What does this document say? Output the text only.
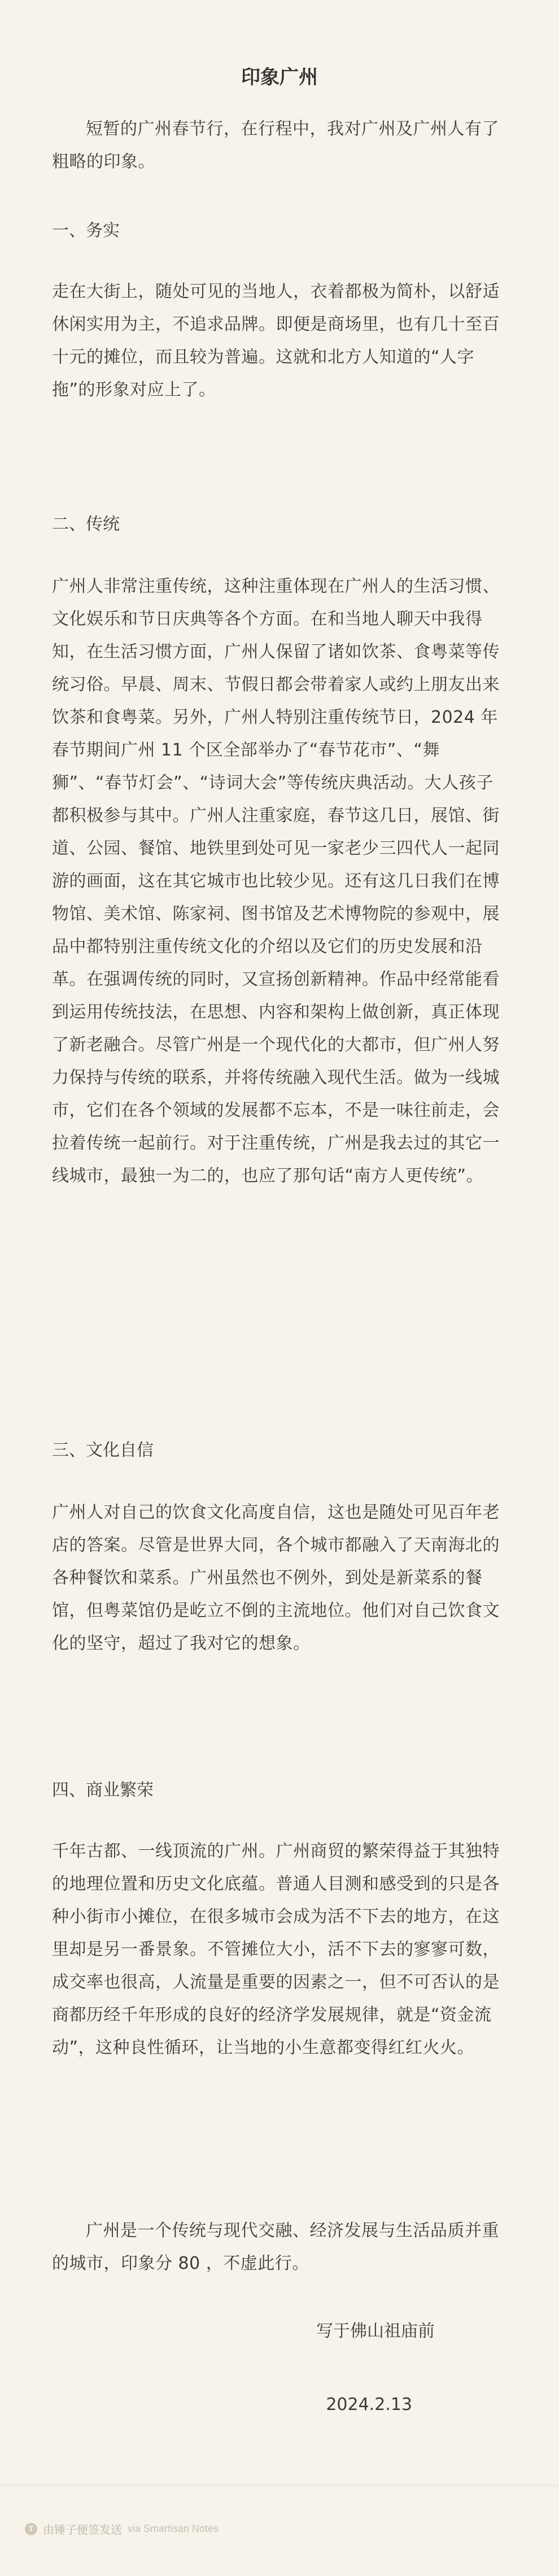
印象广州
短暂的广州春节行，在行程中，我对广州及广州人有了粗略的印象。
一、务实
走在大街上，随处可见的当地人，衣着都极为简朴，以舒适休闲实用为主，不追求品牌。即便是商场里，也有几十至百十元的摊位，而且较为普遍。这就和北方人知道的“人字拖”的形象对应上了。
二、传统
广州人非常注重传统，这种注重体现在广州人的生活习惯、文化娱乐和节日庆典等各个方面。在和当地人聊天中我得知，在生活习惯方面，广州人保留了诸如饮茶、食粤菜等传统习俗。早晨、周末、节假日都会带着家人或约上朋友出来饮茶和食粤菜。另外，广州人特别注重传统节日，2024 年春节期间广州 11 个区全部举办了“春节花市”、“舞狮”、“春节灯会”、“诗词大会”等传统庆典活动。大人孩子都积极参与其中。广州人注重家庭，春节这几日，展馆、街道、公园、餐馆、地铁里到处可见一家老少三四代人一起同游的画面，这在其它城市也比较少见。还有这几日我们在博物馆、美术馆、陈家祠、图书馆及艺术博物院的参观中，展品中都特别注重传统文化的介绍以及它们的历史发展和沿革。在强调传统的同时，又宣扬创新精神。作品中经常能看到运用传统技法，在思想、内容和架构上做创新，真正体现了新老融合。尽管广州是一个现代化的大都市，但广州人努力保持与传统的联系，并将传统融入现代生活。做为一线城市，它们在各个领域的发展都不忘本，不是一味往前走，会拉着传统一起前行。对于注重传统，广州是我去过的其它一线城市，最独一为二的，也应了那句话“南方人更传统”。
三、文化自信
广州人对自己的饮食文化高度自信，这也是随处可见百年老店的答案。尽管是世界大同，各个城市都融入了天南海北的各种餐饮和菜系。广州虽然也不例外，到处是新菜系的餐馆，但粤菜馆仍是屹立不倒的主流地位。他们对自己饮食文化的坚守，超过了我对它的想象。
四、商业繁荣
千年古都、一线顶流的广州。广州商贸的繁荣得益于其独特的地理位置和历史文化底蕴。普通人目测和感受到的只是各种小街市小摊位，在很多城市会成为活不下去的地方，在这里却是另一番景象。不管摊位大小，活不下去的寥寥可数，成交率也很高，人流量是重要的因素之一，但不可否认的是商都历经千年形成的良好的经济学发展规律，就是“资金流动”，这种良性循环，让当地的小生意都变得红红火火。
广州是一个传统与现代交融、经济发展与生活品质并重的城市，印象分 80 ，不虚此行。
写于佛山祖庙前
2024.2.13
T 由锤子便签发送 via Smartisan Notes
